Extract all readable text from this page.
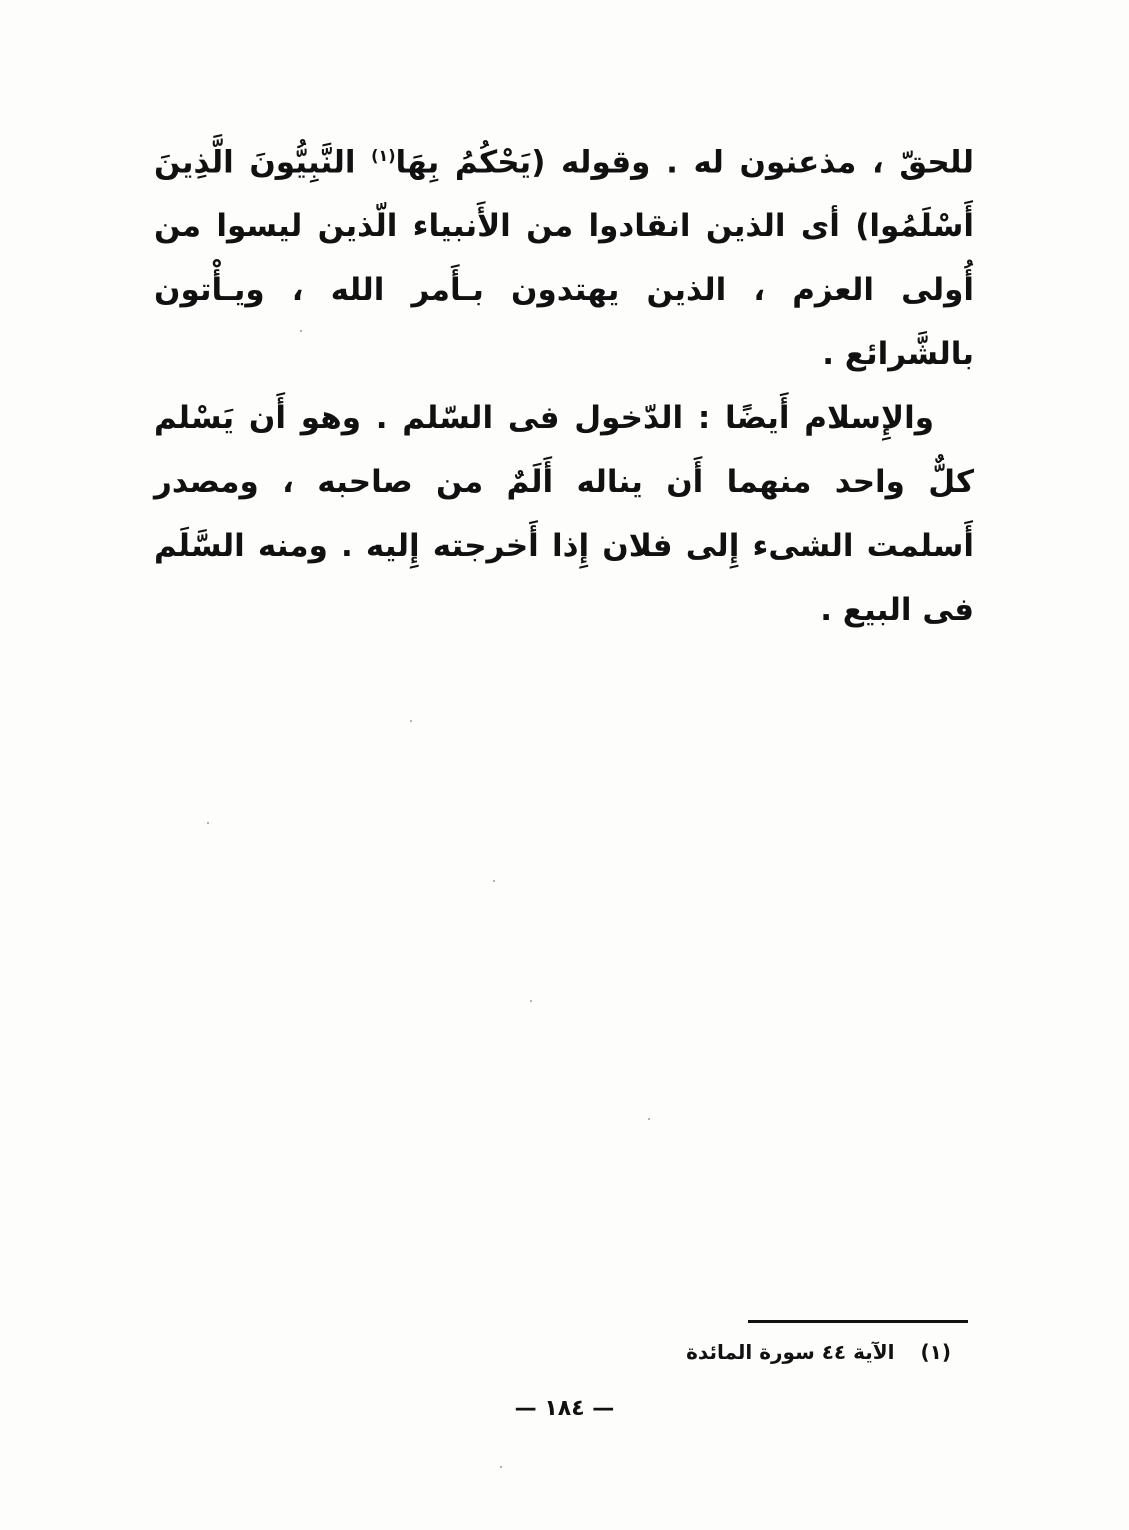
للحقّ ، مذعنون له . وقوله (يَحْكُمُ بِهَا$^{(١)}$ النَّبِيُّونَ الَّذِينَ أَسْلَمُوا) أى الذين انقادوا من الأَنبياء الّذين ليسوا من أُولى العزم ، الذين يهتدون بـأَمر الله ، ويـأْتون بالشَّرائع .

والإِسلام أَيضًا : الدّخول فى السّلم . وهو أَن يَسْلم كلٌّ واحد منهما أَن يناله أَلَمٌ من صاحبه ، ومصدر أَسلمت الشىء إِلى فلان إِذا أَخرجته إِليه . ومنه السَّلَم فى البيع .

(١)الآية ٤٤ سورة المائدة
— ١٨٤ —
